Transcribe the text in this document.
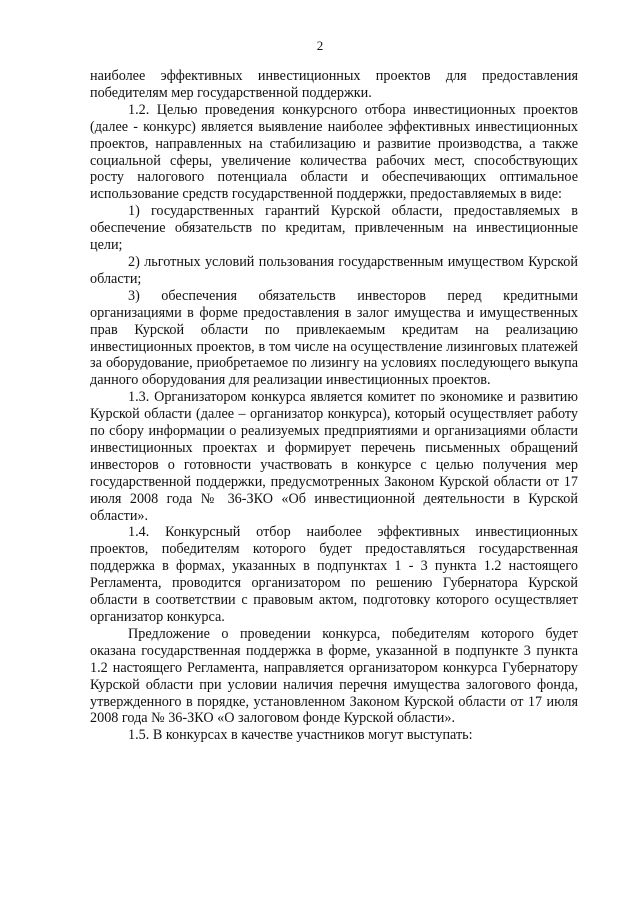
2

наиболее эффективных инвестиционных проектов для предоставления победителям мер государственной поддержки.

1.2. Целью проведения конкурсного отбора инвестиционных проектов (далее - конкурс) является выявление наиболее эффективных инвестиционных проектов, направленных на стабилизацию и развитие производства, а также социальной сферы, увеличение количества рабочих мест, способствующих росту налогового потенциала области и обеспечивающих оптимальное использование средств государственной поддержки, предоставляемых в виде:

1) государственных гарантий Курской области, предоставляемых в обеспечение обязательств по кредитам, привлеченным на инвестиционные цели;

2) льготных условий пользования государственным имуществом Курской области;

3) обеспечения обязательств инвесторов перед кредитными организациями в форме предоставления в залог имущества и имущественных прав Курской области по привлекаемым кредитам на реализацию инвестиционных проектов, в том числе на осуществление лизинговых платежей за оборудование, приобретаемое по лизингу на условиях последующего выкупа данного оборудования для реализации инвестиционных проектов.

1.3. Организатором конкурса является комитет по экономике и развитию Курской области (далее – организатор конкурса), который осуществляет работу по сбору информации о реализуемых предприятиями и организациями области инвестиционных проектах и формирует перечень письменных обращений инвесторов о готовности участвовать в конкурсе с целью получения мер государственной поддержки, предусмотренных Законом Курской области от 17 июля 2008 года № 36-ЗКО «Об инвестиционной деятельности в Курской области».

1.4. Конкурсный отбор наиболее эффективных инвестиционных проектов, победителям которого будет предоставляться государственная поддержка в формах, указанных в подпунктах 1 - 3 пункта 1.2 настоящего Регламента, проводится организатором по решению Губернатора Курской области в соответствии с правовым актом, подготовку которого осуществляет организатор конкурса.

Предложение о проведении конкурса, победителям которого будет оказана государственная поддержка в форме, указанной в подпункте 3 пункта 1.2 настоящего Регламента, направляется организатором конкурса Губернатору Курской области при условии наличия перечня имущества залогового фонда, утвержденного в порядке, установленном Законом Курской области от 17 июля 2008 года № 36-ЗКО «О залоговом фонде Курской области».

1.5. В конкурсах в качестве участников могут выступать:
